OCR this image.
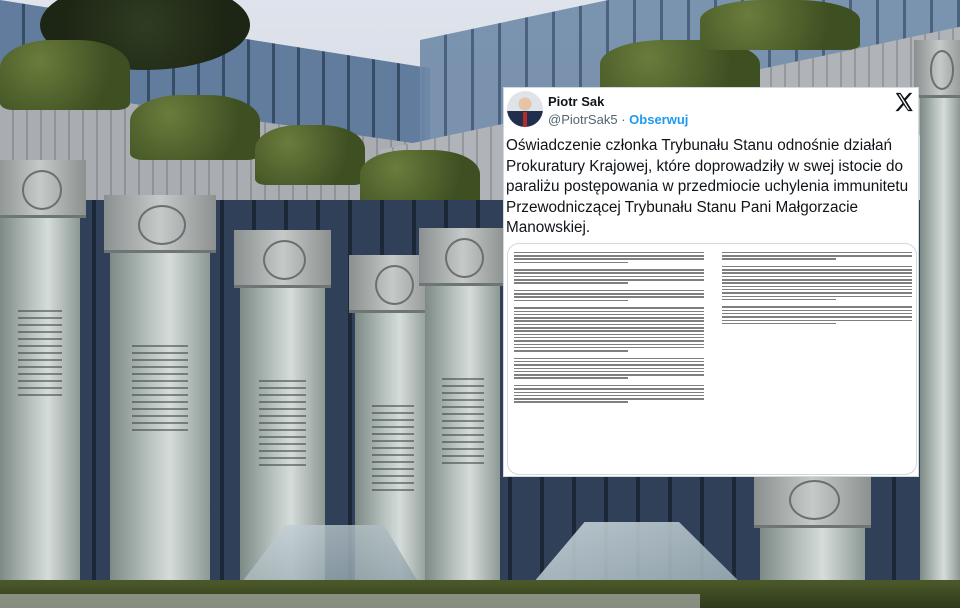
Piotr Sak
@PiotrSak5 · Obserwuj
Oświadczenie członka Trybunału Stanu odnośnie działań Prokuratury Krajowej, które doprowadziły w swej istocie do paraliżu postępowania w przedmiocie uchylenia immunitetu Przewodniczącej Trybunału Stanu Pani Małgorzacie Manowskiej.
